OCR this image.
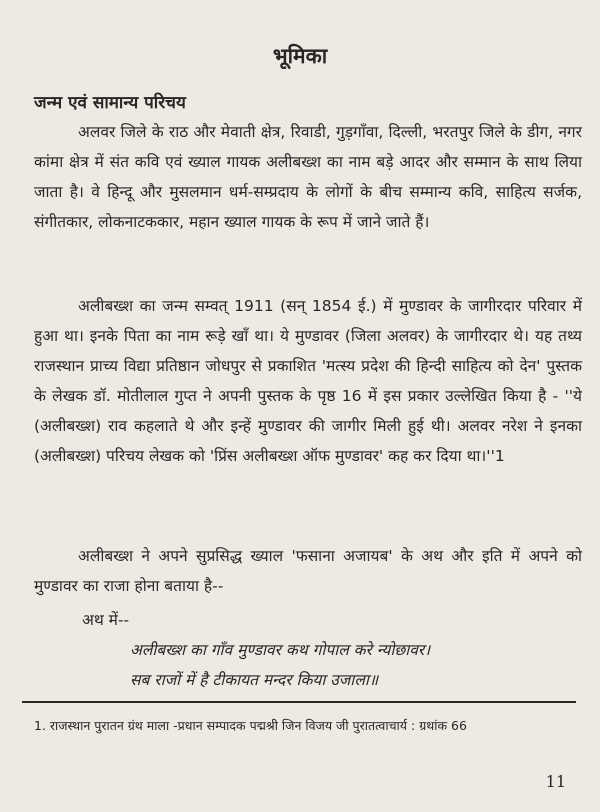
भूमिका
जन्म एवं सामान्य परिचय

अलवर जिले के राठ और मेवाती क्षेत्र, रिवाडी, गुड़गाँवा, दिल्ली, भरतपुर जिले के डीग, नगर कांमा क्षेत्र में संत कवि एवं ख्याल गायक अलीबख्श का नाम बड़े आदर और सम्मान के साथ लिया जाता है। वे हिन्दू और मुसलमान धर्म-सम्प्रदाय के लोगों के बीच सम्मान्य कवि, साहित्य सर्जक, संगीतकार, लोकनाटककार, महान ख्याल गायक के रूप में जाने जाते हैं।

अलीबख्श का जन्म सम्वत् 1911 (सन् 1854 ई.) में मुण्डावर के जागीरदार परिवार में हुआ था। इनके पिता का नाम रूड़े खाँ था। ये मुण्डावर (जिला अलवर) के जागीरदार थे। यह तथ्य राजस्थान प्राच्य विद्या प्रतिष्ठान जोधपुर से प्रकाशित 'मत्स्य प्रदेश की हिन्दी साहित्य को देन' पुस्तक के लेखक डॉ. मोतीलाल गुप्त ने अपनी पुस्तक के पृष्ठ 16 में इस प्रकार उल्लेखित किया है - ''ये (अलीबख्श) राव कहलाते थे और इन्हें मुण्डावर की जागीर मिली हुई थी। अलवर नरेश ने इनका (अलीबख्श) परिचय लेखक को 'प्रिंस अलीबख्श ऑफ मुण्डावर' कह कर दिया था।''1

अलीबख्श ने अपने सुप्रसिद्ध ख्याल 'फसाना अजायब' के अथ और इति में अपने को मुण्डावर का राजा होना बताया है--

अथ में--
अलीबख्श का गाँव मुण्डावर कथ गोपाल करे न्योछावर।
सब राजों में है टीकायत मन्दर किया उजाला॥
1. राजस्थान पुरातन ग्रंथ माला -प्रधान सम्पादक पद्मश्री जिन विजय जी पुरातत्वाचार्य : ग्रथांक 66
11
